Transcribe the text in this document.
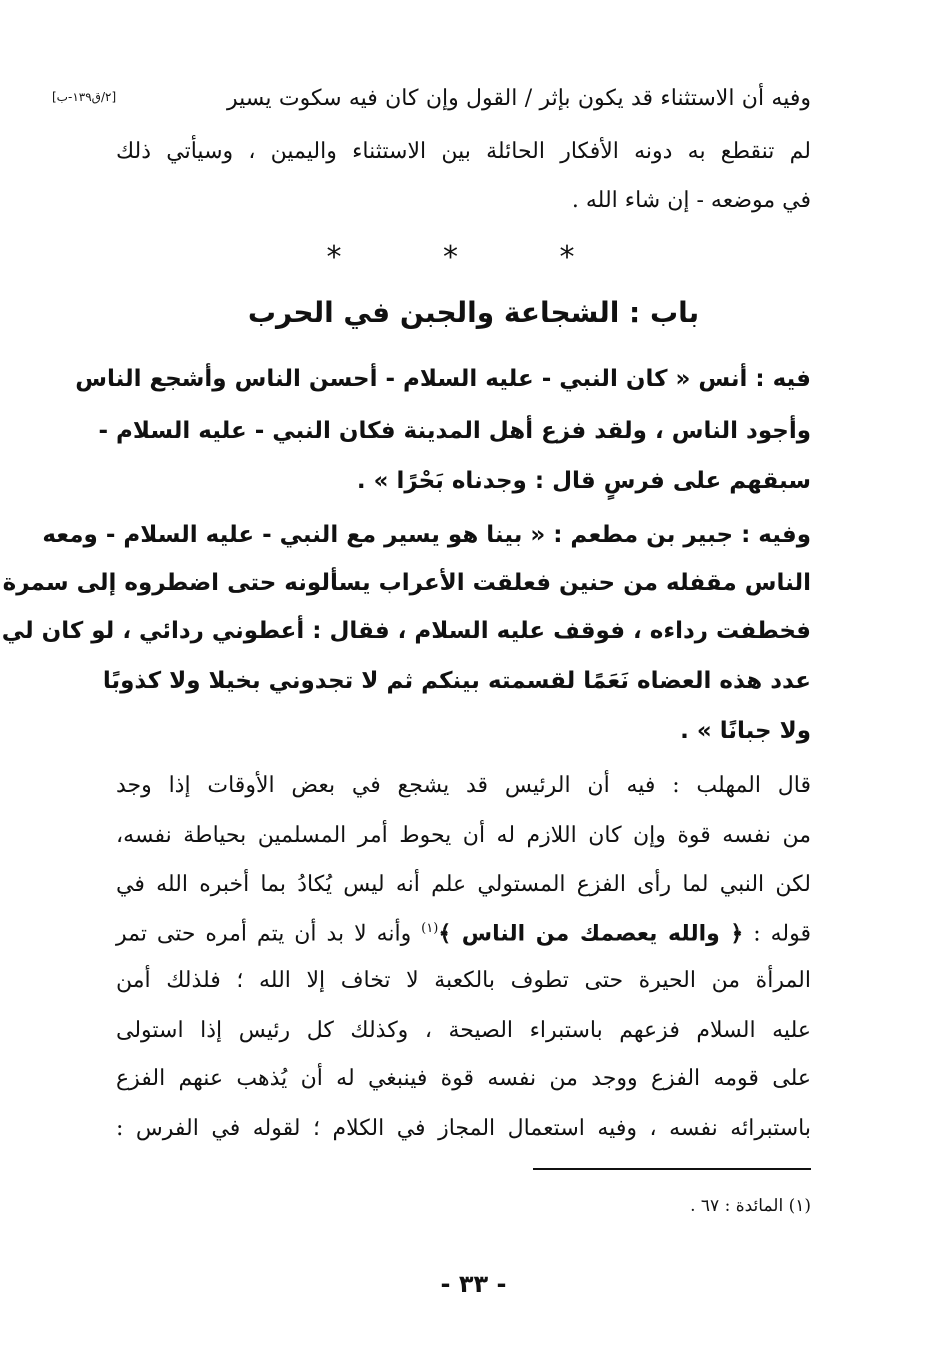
[٢/ق١٣٩-ب]	وفيه أن الاستثناء قد يكون بإثر / القول وإن كان فيه سكوت يسير
لم تنقطع به دونه الأفكار الحائلة بين الاستثناء واليمين ، وسيأتي ذلك
في موضعه - إن شاء الله .
* * *
باب : الشجاعة والجبن في الحرب
فيه : أنس « كان النبي - عليه السلام - أحسن الناس وأشجع الناس
وأجود الناس ، ولقد فزع أهل المدينة فكان النبي - عليه السلام -
سبقهم على فرسٍ قال : وجدناه بَحْرًا » .
وفيه : جبير بن مطعم : « بينا هو يسير مع النبي - عليه السلام - ومعه
الناس مقفله من حنين فعلقت الأعراب يسألونه حتى اضطروه إلى سمرة
فخطفت رداءه ، فوقف عليه السلام ، فقال : أعطوني ردائي ، لو كان لي
عدد هذه العضاه نَعَمًا لقسمته بينكم ثم لا تجدوني بخيلا ولا كذوبًا
ولا جبانًا » .
قال المهلب : فيه أن الرئيس قد يشجع في بعض الأوقات إذا وجد
من نفسه قوة وإن كان اللازم له أن يحوط أمر المسلمين بحياطة نفسه،
لكن النبي لما رأى الفزع المستولي علم أنه ليس يُكادُ بما أخبره الله في
قوله : ﴿ والله يعصمك من الناس ﴾$^{(١)}$ وأنه لا بد أن يتم أمره حتى تمر
المرأة من الحيرة حتى تطوف بالكعبة لا تخاف إلا الله ؛ فلذلك أمن
عليه السلام فزعهم باستبراء الصيحة ، وكذلك كل رئيس إذا استولى
على قومه الفزع ووجد من نفسه قوة فينبغي له أن يُذهب عنهم الفزع
باستبرائه نفسه ، وفيه استعمال المجاز في الكلام ؛ لقوله في الفرس :
(١) المائدة : ٦٧ .
- ٣٣ -
